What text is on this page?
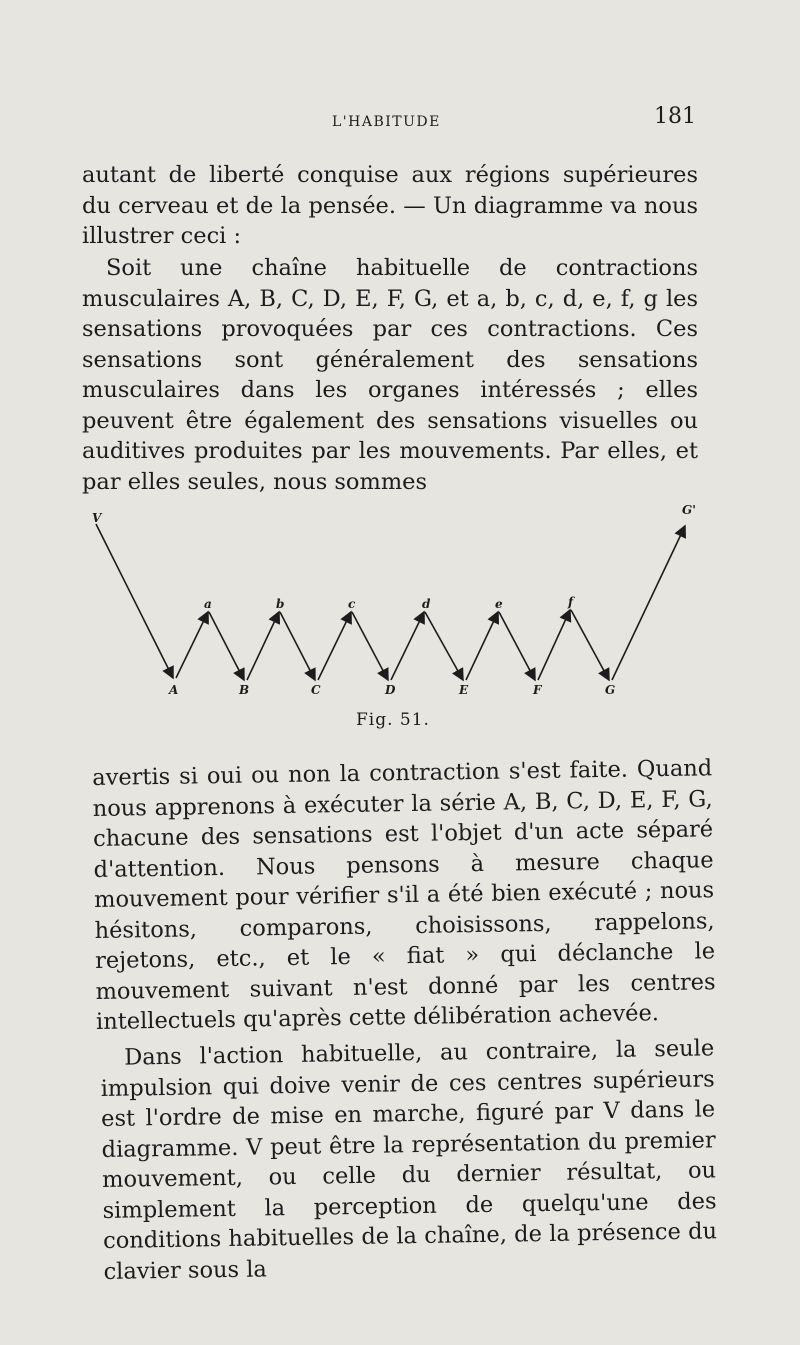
L'HABITUDE	181

autant de liberté conquise aux régions supérieures du cerveau et de la pensée. — Un diagramme va nous illustrer ceci :

Soit une chaîne habituelle de contractions musculaires A, B, C, D, E, F, G, et a, b, c, d, e, f, g les sensations provoquées par ces contractions. Ces sensations sont généralement des sensations musculaires dans les organes intéressés ; elles peuvent être également des sensations visuelles ou auditives produites par les mouvements. Par elles, et par elles seules, nous sommes

V
G'
a	b	c	d	e	f
A	B	C	D	E	F	G
Fig. 51.

avertis si oui ou non la contraction s'est faite. Quand nous apprenons à exécuter la série A, B, C, D, E, F, G, chacune des sensations est l'objet d'un acte séparé d'attention. Nous pensons à mesure chaque mouvement pour vérifier s'il a été bien exécuté ; nous hésitons, comparons, choisissons, rappelons, rejetons, etc., et le « fiat » qui déclanche le mouvement suivant n'est donné par les centres intellectuels qu'après cette délibération achevée.

Dans l'action habituelle, au contraire, la seule impulsion qui doive venir de ces centres supérieurs est l'ordre de mise en marche, figuré par V dans le diagramme. V peut être la représentation du premier mouvement, ou celle du dernier résultat, ou simplement la perception de quelqu'une des conditions habituelles de la chaîne, de la présence du clavier sous la
